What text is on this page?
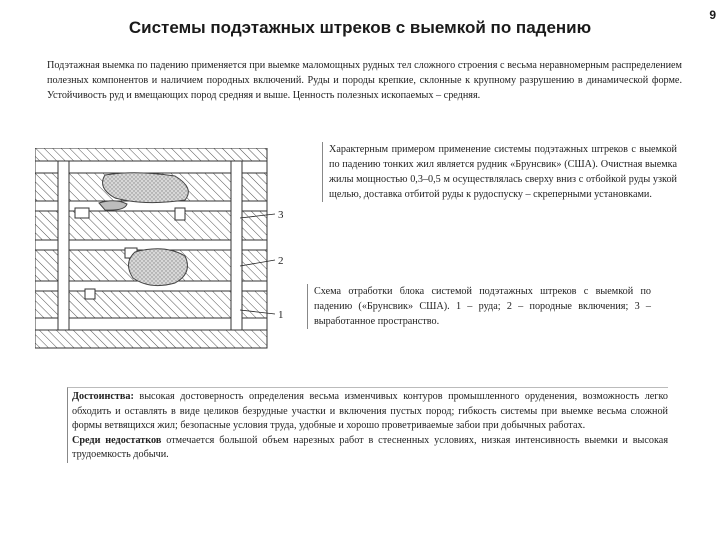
Системы подэтажных штреков с выемкой по падению
9

Подэтажная выемка по падению применяется при выемке маломощных рудных тел сложного строения с весьма неравномерным распределением полезных компонентов и наличием породных включений. Руды и породы крепкие, склонные к крупному разрушению в динамической форме. Устойчивость руд и вмещающих пород средняя и выше. Ценность полезных ископаемых – средняя.

3
2
1

Характерным примером применение системы подэтажных штреков с выемкой по падению тонких жил является рудник «Брунсвик» (США). Очистная выемка жилы мощностью 0,3–0,5 м осуществлялась сверху вниз с отбойкой руды узкой щелью, доставка отбитой руды к рудоспуску – скреперными установками.

Схема отработки блока системой подэтажных штреков с выемкой по падению («Брунсвик» США). 1 – руда; 2 – породные включения; 3 – выработанное пространство.

Достоинства: высокая достоверность определения весьма изменчивых контуров промышленного оруденения, возможность легко обходить и оставлять в виде целиков безрудные участки и включения пустых пород; гибкость системы при выемке весьма сложной формы ветвящихся жил; безопасные условия труда, удобные и хорошо проветриваемые забои при добычных работах.

Среди недостатков отмечается большой объем нарезных работ в стесненных условиях, низкая интенсивность выемки и высокая трудоемкость добычи.
